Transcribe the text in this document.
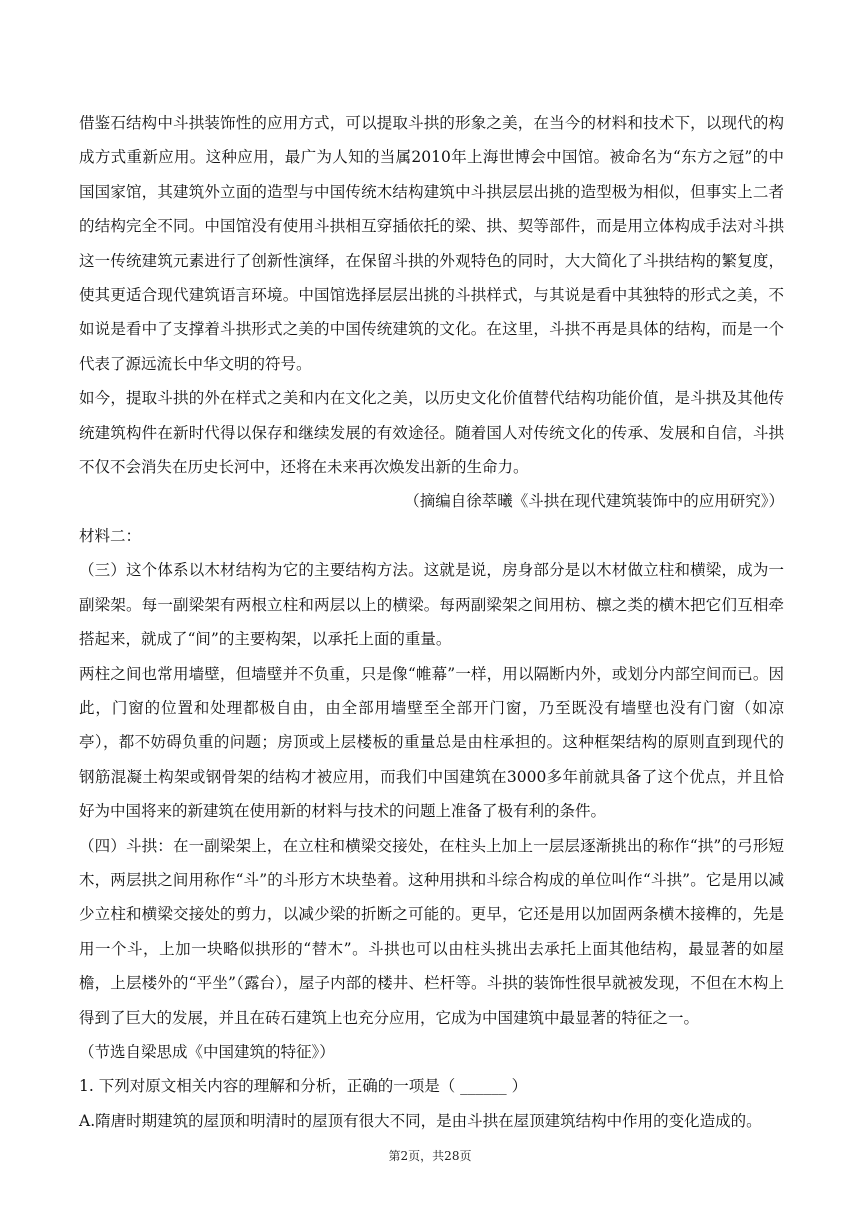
借鉴石结构中斗拱装饰性的应用方式，可以提取斗拱的形象之美，在当今的材料和技术下，以现代的构成方式重新应用。这种应用，最广为人知的当属2010年上海世博会中国馆。被命名为“东方之冠”的中国国家馆，其建筑外立面的造型与中国传统木结构建筑中斗拱层层出挑的造型极为相似，但事实上二者的结构完全不同。中国馆没有使用斗拱相互穿插依托的梁、拱、契等部件，而是用立体构成手法对斗拱这一传统建筑元素进行了创新性演绎，在保留斗拱的外观特色的同时，大大简化了斗拱结构的繁复度，使其更适合现代建筑语言环境。中国馆选择层层出挑的斗拱样式，与其说是看中其独特的形式之美，不如说是看中了支撑着斗拱形式之美的中国传统建筑的文化。在这里，斗拱不再是具体的结构，而是一个代表了源远流长中华文明的符号。

如今，提取斗拱的外在样式之美和内在文化之美，以历史文化价值替代结构功能价值，是斗拱及其他传统建筑构件在新时代得以保存和继续发展的有效途径。随着国人对传统文化的传承、发展和自信，斗拱不仅不会消失在历史长河中，还将在未来再次焕发出新的生命力。

（摘编自徐萃曦《斗拱在现代建筑装饰中的应用研究》）

材料二：

（三）这个体系以木材结构为它的主要结构方法。这就是说，房身部分是以木材做立柱和横梁，成为一副梁架。每一副梁架有两根立柱和两层以上的横梁。每两副梁架之间用枋、檩之类的横木把它们互相牵搭起来，就成了“间”的主要构架，以承托上面的重量。

两柱之间也常用墙壁，但墙壁并不负重，只是像“帷幕”一样，用以隔断内外，或划分内部空间而已。因此，门窗的位置和处理都极自由，由全部用墙壁至全部开门窗，乃至既没有墙壁也没有门窗（如凉亭），都不妨碍负重的问题；房顶或上层楼板的重量总是由柱承担的。这种框架结构的原则直到现代的钢筋混凝土构架或钢骨架的结构才被应用，而我们中国建筑在3000多年前就具备了这个优点，并且恰好为中国将来的新建筑在使用新的材料与技术的问题上准备了极有利的条件。

（四）斗拱：在一副梁架上，在立柱和横梁交接处，在柱头上加上一层层逐渐挑出的称作“拱”的弓形短木，两层拱之间用称作“斗”的斗形方木块垫着。这种用拱和斗综合构成的单位叫作“斗拱”。它是用以减少立柱和横梁交接处的剪力，以减少梁的折断之可能的。更早，它还是用以加固两条横木接榫的，先是用一个斗，上加一块略似拱形的“替木”。斗拱也可以由柱头挑出去承托上面其他结构，最显著的如屋檐，上层楼外的“平坐”（露台），屋子内部的楼井、栏杆等。斗拱的装饰性很早就被发现，不但在木构上得到了巨大的发展，并且在砖石建筑上也充分应用，它成为中国建筑中最显著的特征之一。

（节选自梁思成《中国建筑的特征》）

1. 下列对原文相关内容的理解和分析，正确的一项是（ ______ ）

A.隋唐时期建筑的屋顶和明清时的屋顶有很大不同，是由斗拱在屋顶建筑结构中作用的变化造成的。

第2页，共28页
